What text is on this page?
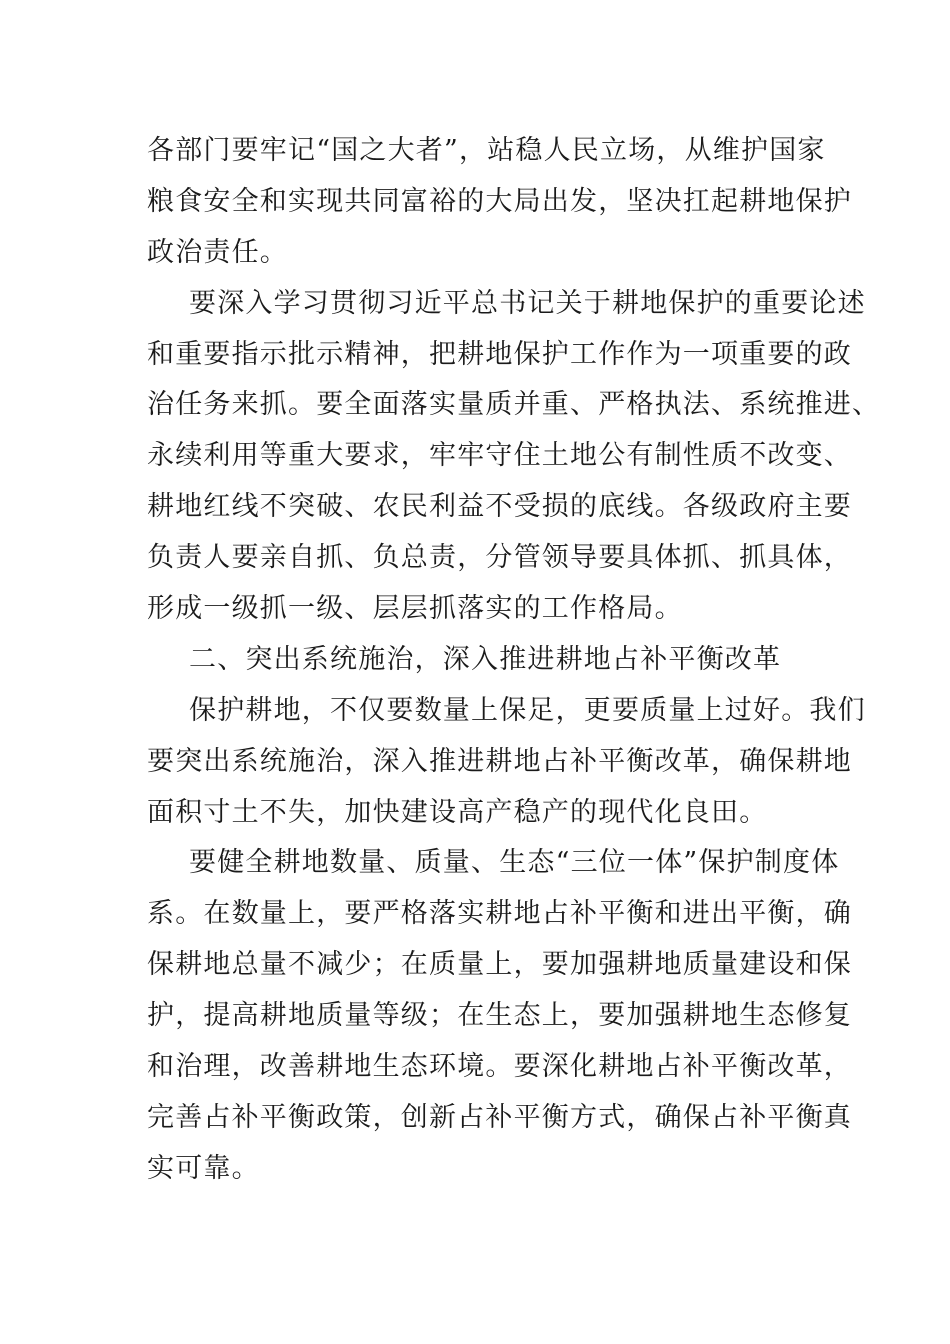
各部门要牢记“国之大者”，站稳人民立场，从维护国家
粮食安全和实现共同富裕的大局出发，坚决扛起耕地保护
政治责任。
要深入学习贯彻习近平总书记关于耕地保护的重要论述
和重要指示批示精神，把耕地保护工作作为一项重要的政
治任务来抓。要全面落实量质并重、严格执法、系统推进、
永续利用等重大要求，牢牢守住土地公有制性质不改变、
耕地红线不突破、农民利益不受损的底线。各级政府主要
负责人要亲自抓、负总责，分管领导要具体抓、抓具体，
形成一级抓一级、层层抓落实的工作格局。
二、突出系统施治，深入推进耕地占补平衡改革
保护耕地，不仅要数量上保足，更要质量上过好。我们
要突出系统施治，深入推进耕地占补平衡改革，确保耕地
面积寸土不失，加快建设高产稳产的现代化良田。
要健全耕地数量、质量、生态“三位一体”保护制度体
系。在数量上，要严格落实耕地占补平衡和进出平衡，确
保耕地总量不减少；在质量上，要加强耕地质量建设和保
护，提高耕地质量等级；在生态上，要加强耕地生态修复
和治理，改善耕地生态环境。要深化耕地占补平衡改革，
完善占补平衡政策，创新占补平衡方式，确保占补平衡真
实可靠。
